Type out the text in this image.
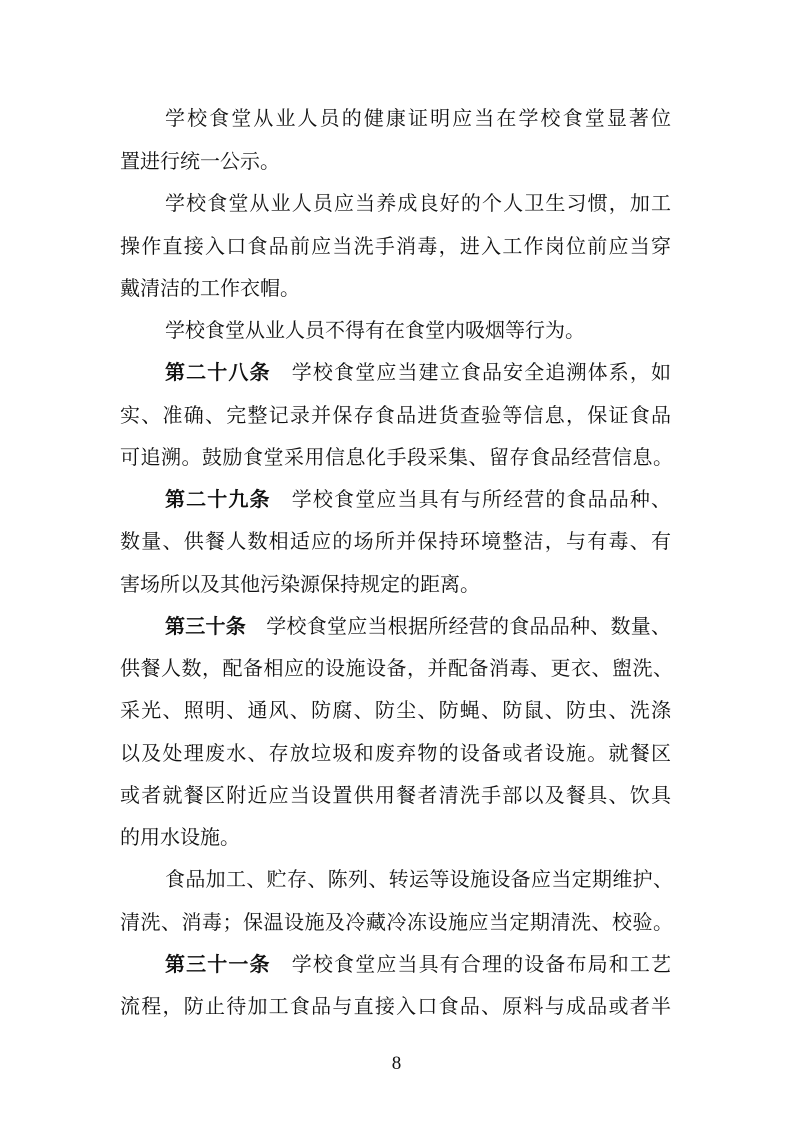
学校食堂从业人员的健康证明应当在学校食堂显著位
置进行统一公示。
学校食堂从业人员应当养成良好的个人卫生习惯，加工
操作直接入口食品前应当洗手消毒，进入工作岗位前应当穿
戴清洁的工作衣帽。
学校食堂从业人员不得有在食堂内吸烟等行为。
第二十八条　 学校食堂应当建立食品安全追溯体系，如
实、准确、完整记录并保存食品进货查验等信息，保证食品
可追溯。鼓励食堂采用信息化手段采集、留存食品经营信息。
第二十九条　 学校食堂应当具有与所经营的食品品种、
数量、供餐人数相适应的场所并保持环境整洁，与有毒、有
害场所以及其他污染源保持规定的距离。
第三十条　 学校食堂应当根据所经营的食品品种、数量、
供餐人数，配备相应的设施设备，并配备消毒、更衣、盥洗、
采光、照明、通风、防腐、防尘、防蝇、防鼠、防虫、洗涤
以及处理废水、存放垃圾和废弃物的设备或者设施。就餐区
或者就餐区附近应当设置供用餐者清洗手部以及餐具、饮具
的用水设施。
食品加工、贮存、陈列、转运等设施设备应当定期维护、
清洗、消毒；保温设施及冷藏冷冻设施应当定期清洗、校验。
第三十一条　 学校食堂应当具有合理的设备布局和工艺
流程，防止待加工食品与直接入口食品、原料与成品或者半
8
